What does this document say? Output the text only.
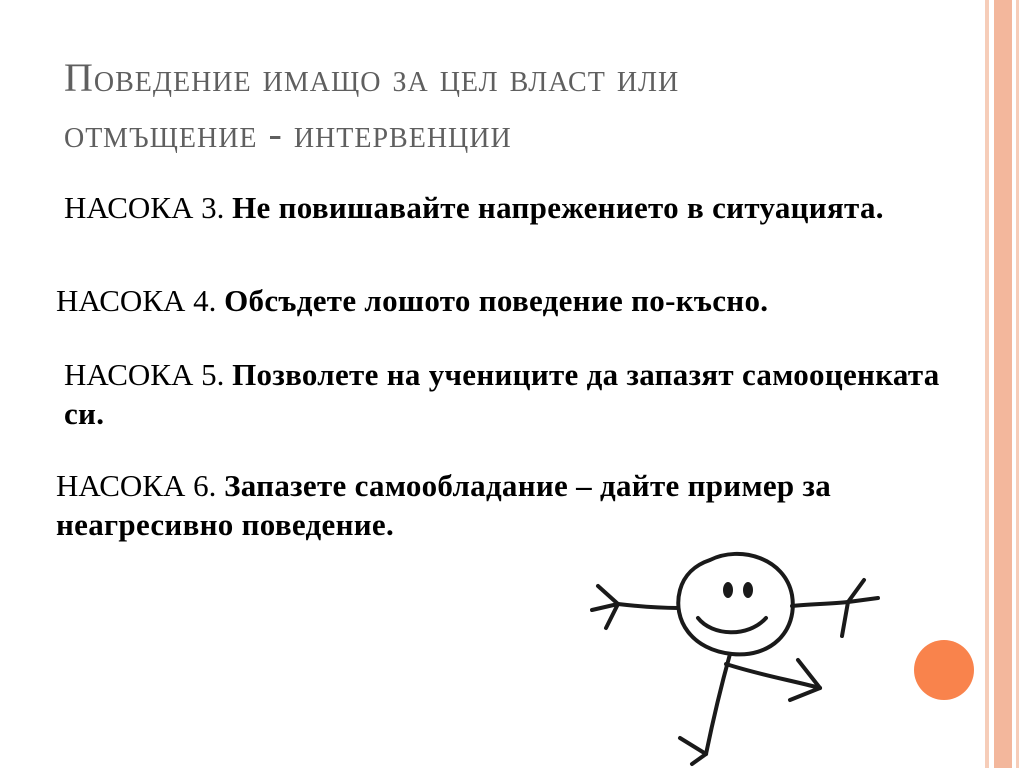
Поведение имащо за цел власт или
отмъщение - интервенции
НАСОКА 3. Не повишавайте напрежението в ситуацията.
НАСОКА 4. Обсъдете лошото поведение по-късно.
НАСОКА 5. Позволете на учениците да запазят самооценката си.
НАСОКА 6. Запазете самообладание – дайте пример за неагресивно поведение.
